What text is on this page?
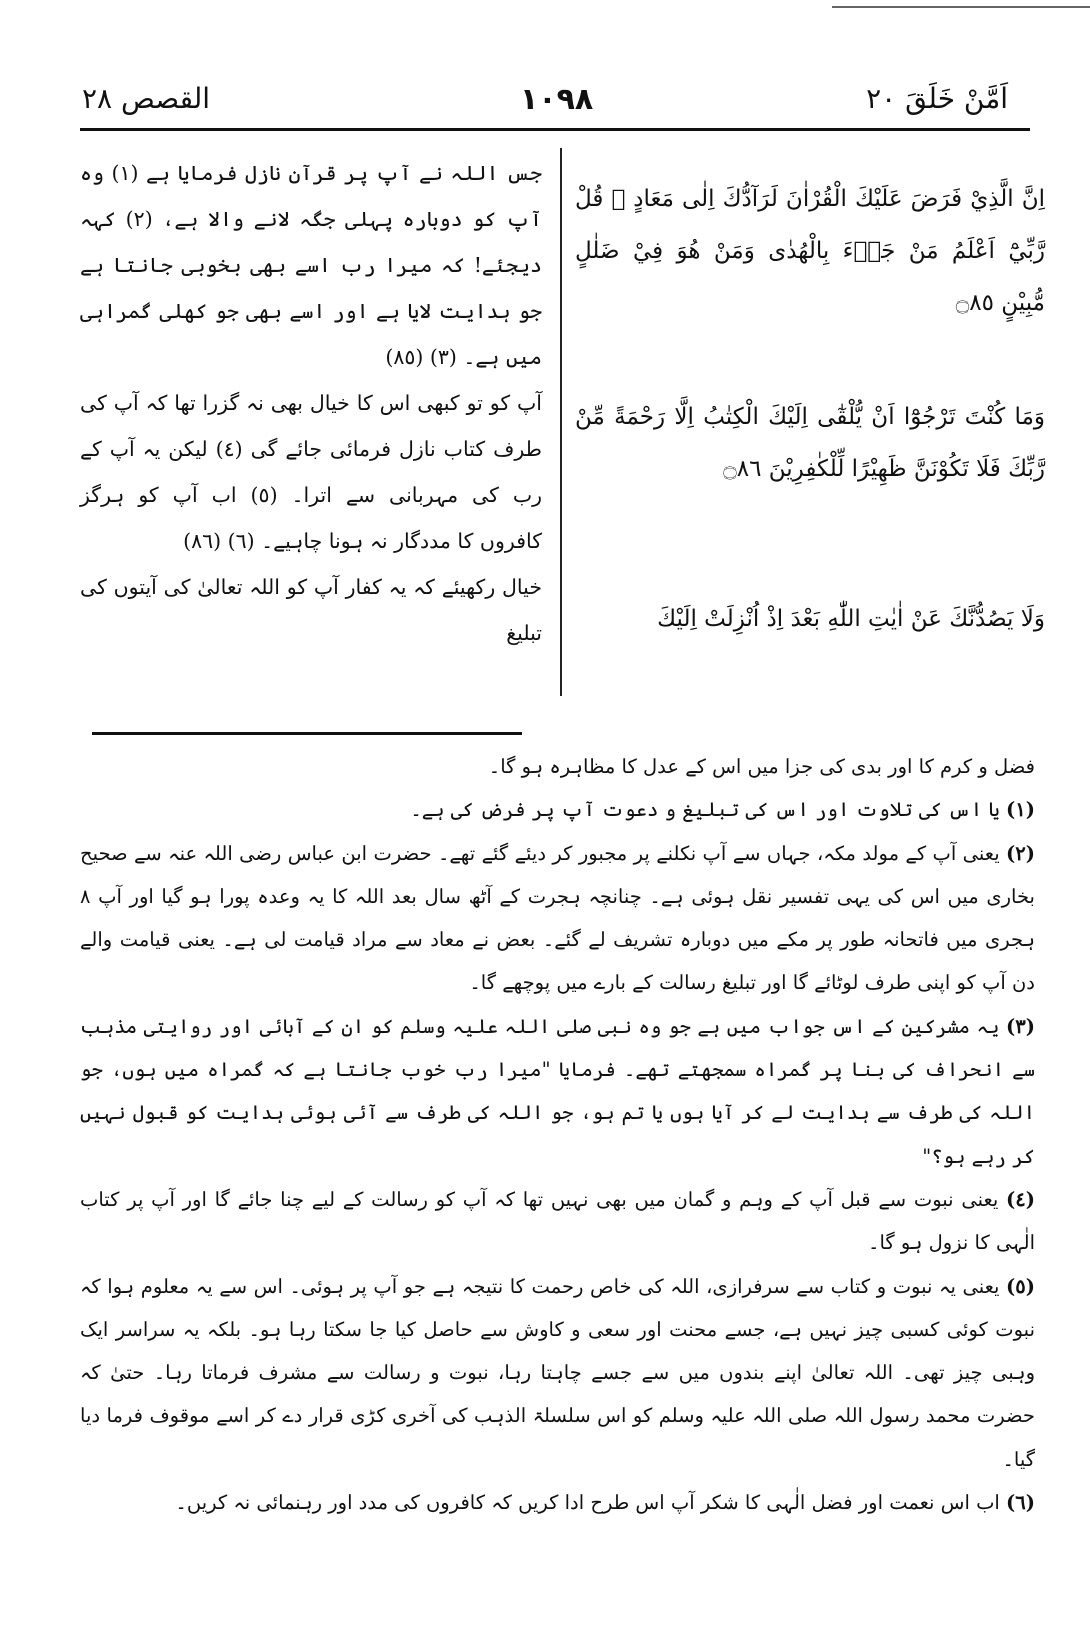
اَمَّنْ خَلَقَ ٢٠
١٠٩٨
القصص ٢٨

اِنَّ الَّذِيْ فَرَضَ عَلَيْكَ الْقُرْاٰنَ لَرَآدُّكَ اِلٰى مَعَادٍ ۭ قُلْ رَّبِّيْٓ اَعْلَمُ مَنْ جَاۗءَ بِالْهُدٰى وَمَنْ هُوَ فِيْ ضَلٰلٍ مُّبِيْنٍ ۝٨٥

وَمَا كُنْتَ تَرْجُوْٓا اَنْ يُّلْقٰٓى اِلَيْكَ الْكِتٰبُ اِلَّا رَحْمَةً مِّنْ رَّبِّكَ فَلَا تَكُوْنَنَّ ظَهِيْرًا لِّلْكٰفِرِيْنَ ۝٨٦

وَلَا يَصُدُّنَّكَ عَنْ اٰيٰتِ اللّٰهِ بَعْدَ اِذْ اُنْزِلَتْ اِلَيْكَ

جس اللہ نے آپ پر قرآن نازل فرمایا ہے (١) وہ آپ کو دوبارہ پہلی جگہ لانے والا ہے، (٢) کہہ دیجئے! کہ میرا رب اسے بھی بخوبی جانتا ہے جو ہدایت لایا ہے اور اسے بھی جو کھلی گمراہی میں ہے۔ (٣) (٨٥)

آپ کو تو کبھی اس کا خیال بھی نہ گزرا تھا کہ آپ کی طرف کتاب نازل فرمائی جائے گی (٤) لیکن یہ آپ کے رب کی مہربانی سے اترا۔ (٥) اب آپ کو ہرگز کافروں کا مددگار نہ ہونا چاہیے۔ (٦) (٨٦)

خیال رکھیئے کہ یہ کفار آپ کو اللہ تعالیٰ کی آیتوں کی تبلیغ

فضل و کرم کا اور بدی کی جزا میں اس کے عدل کا مظاہرہ ہو گا۔

(١) یا اس کی تلاوت اور اس کی تبلیغ و دعوت آپ پر فرض کی ہے۔

(٢) یعنی آپ کے مولد مکہ، جہاں سے آپ نکلنے پر مجبور کر دیئے گئے تھے۔ حضرت ابن عباس رضی اللہ عنہ سے صحیح بخاری میں اس کی یہی تفسیر نقل ہوئی ہے۔ چنانچہ ہجرت کے آٹھ سال بعد اللہ کا یہ وعدہ پورا ہو گیا اور آپ ٨ ہجری میں فاتحانہ طور پر مکے میں دوبارہ تشریف لے گئے۔ بعض نے معاد سے مراد قیامت لی ہے۔ یعنی قیامت والے دن آپ کو اپنی طرف لوٹائے گا اور تبلیغ رسالت کے بارے میں پوچھے گا۔

(٣) یہ مشرکین کے اس جواب میں ہے جو وہ نبی صلی اللہ علیہ وسلم کو ان کے آبائی اور روایتی مذہب سے انحراف کی بنا پر گمراہ سمجھتے تھے۔ فرمایا "میرا رب خوب جانتا ہے کہ گمراہ میں ہوں، جو اللہ کی طرف سے ہدایت لے کر آیا ہوں یا تم ہو، جو اللہ کی طرف سے آئی ہوئی ہدایت کو قبول نہیں کر رہے ہو؟"

(٤) یعنی نبوت سے قبل آپ کے وہم و گمان میں بھی نہیں تھا کہ آپ کو رسالت کے لیے چنا جائے گا اور آپ پر کتاب الٰہی کا نزول ہو گا۔

(٥) یعنی یہ نبوت و کتاب سے سرفرازی، اللہ کی خاص رحمت کا نتیجہ ہے جو آپ پر ہوئی۔ اس سے یہ معلوم ہوا کہ نبوت کوئی کسبی چیز نہیں ہے، جسے محنت اور سعی و کاوش سے حاصل کیا جا سکتا رہا ہو۔ بلکہ یہ سراسر ایک وہبی چیز تھی۔ اللہ تعالیٰ اپنے بندوں میں سے جسے چاہتا رہا، نبوت و رسالت سے مشرف فرماتا رہا۔ حتیٰ کہ حضرت محمد رسول اللہ صلی اللہ علیہ وسلم کو اس سلسلۃ الذہب کی آخری کڑی قرار دے کر اسے موقوف فرما دیا گیا۔

(٦) اب اس نعمت اور فضل الٰہی کا شکر آپ اس طرح ادا کریں کہ کافروں کی مدد اور رہنمائی نہ کریں۔
